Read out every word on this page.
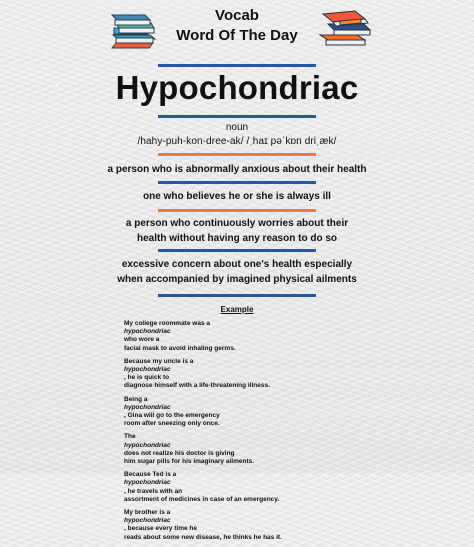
Vocab
Word Of The Day
Hypochondriac
noun
/hahy-puh-kon-dree-ak/ /ˌhaɪ pəˈkɒn driˌæk/
a person who is abnormally anxious about their health
one who believes he or she is always ill
a person who continuously worries about their
health without having any reason to do so
excessive concern about one's health especially
when accompanied by imagined physical ailments
Example
My college roommate was a
hypochondriac
who wore a
facial mask to avoid inhaling germs.
Because my uncle is a
hypochondriac
, he is quick to
diagnose himself with a life-threatening illness.
Being a
hypochondriac
, Gina will go to the emergency
room after sneezing only once.
The
hypochondriac
does not realize his doctor is giving
him sugar pills for his imaginary ailments.
Because Ted is a
hypochondriac
, he travels with an
assortment of medicines in case of an emergency.
My brother is a
hypochondriac
, because every time he
reads about some new disease, he thinks he has it.
